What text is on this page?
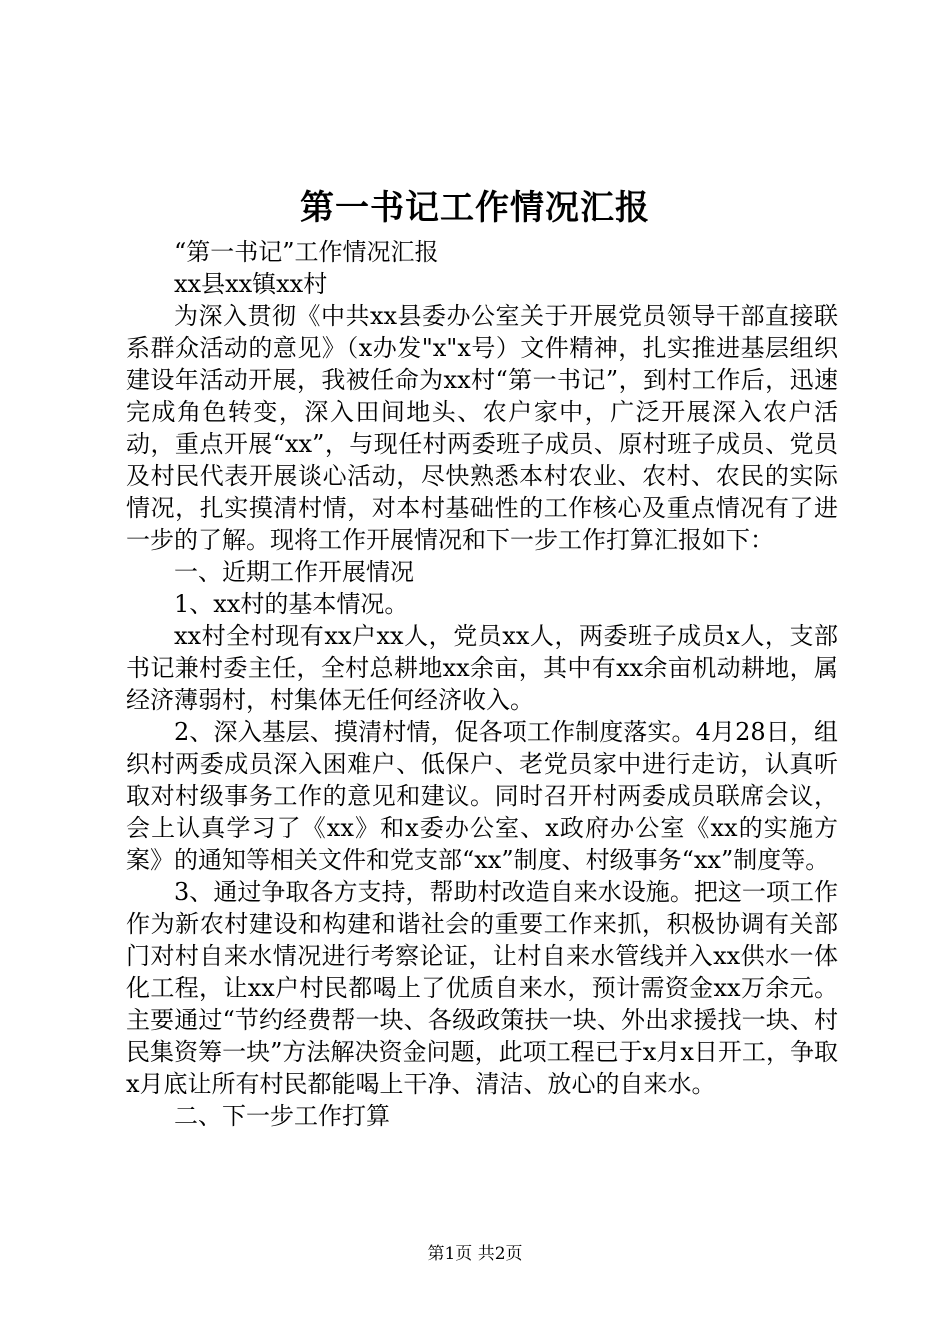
第一书记工作情况汇报

“第一书记”工作情况汇报

xx县xx镇xx村

为深入贯彻《中共xx县委办公室关于开展党员领导干部直接联系群众活动的意见》（x办发"x"x号）文件精神，扎实推进基层组织建设年活动开展，我被任命为xx村“第一书记”，到村工作后，迅速完成角色转变，深入田间地头、农户家中，广泛开展深入农户活动，重点开展“xx”，与现任村两委班子成员、原村班子成员、党员及村民代表开展谈心活动，尽快熟悉本村农业、农村、农民的实际情况，扎实摸清村情，对本村基础性的工作核心及重点情况有了进一步的了解。现将工作开展情况和下一步工作打算汇报如下：

一、近期工作开展情况

1、xx村的基本情况。

xx村全村现有xx户xx人，党员xx人，两委班子成员x人，支部书记兼村委主任，全村总耕地xx余亩，其中有xx余亩机动耕地，属经济薄弱村，村集体无任何经济收入。

2、深入基层、摸清村情，促各项工作制度落实。4月28日，组织村两委成员深入困难户、低保户、老党员家中进行走访，认真听取对村级事务工作的意见和建议。同时召开村两委成员联席会议，会上认真学习了《xx》和x委办公室、x政府办公室《xx的实施方案》的通知等相关文件和党支部“xx”制度、村级事务“xx”制度等。

3、通过争取各方支持，帮助村改造自来水设施。把这一项工作作为新农村建设和构建和谐社会的重要工作来抓，积极协调有关部门对村自来水情况进行考察论证，让村自来水管线并入xx供水一体化工程，让xx户村民都喝上了优质自来水，预计需资金xx万余元。主要通过“节约经费帮一块、各级政策扶一块、外出求援找一块、村民集资筹一块”方法解决资金问题，此项工程已于x月x日开工，争取x月底让所有村民都能喝上干净、清洁、放心的自来水。

二、下一步工作打算

第1页 共2页
